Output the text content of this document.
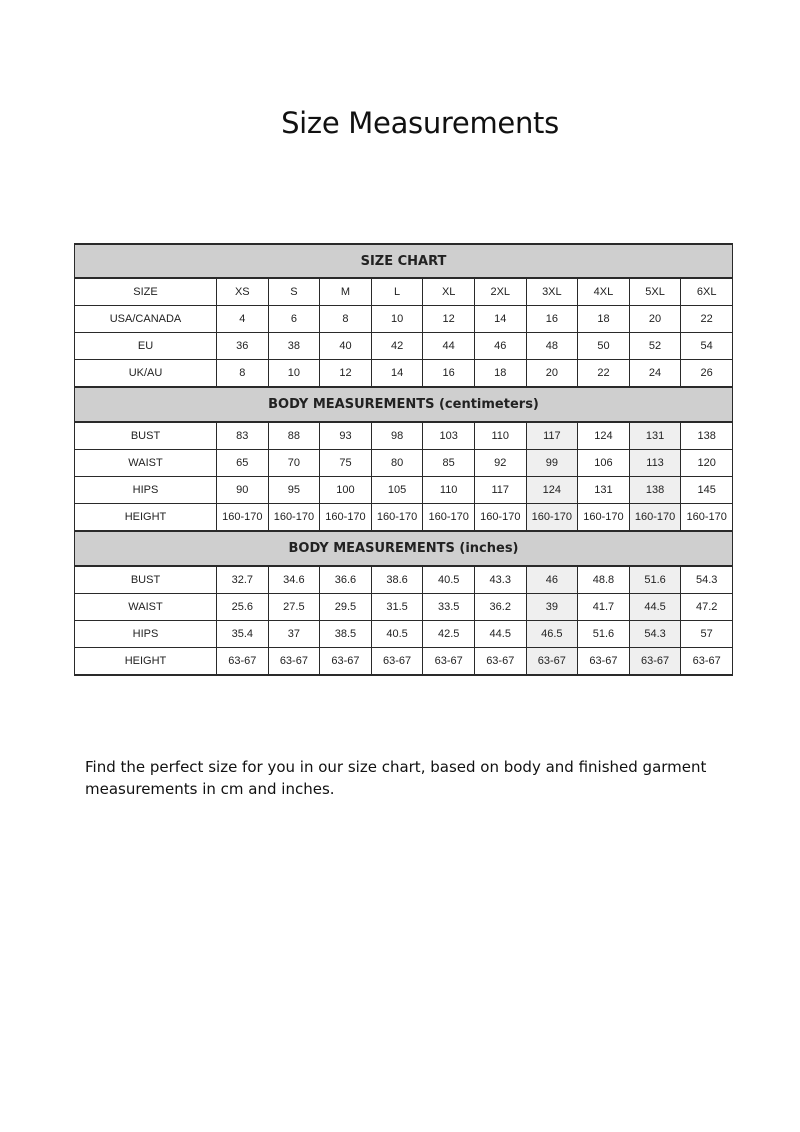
Size Measurements
SIZE CHART										
SIZE	XS	S	M	L	XL	2XL	3XL	4XL	5XL	6XL
USA/CANADA	4	6	8	10	12	14	16	18	20	22
EU	36	38	40	42	44	46	48	50	52	54
UK/AU	8	10	12	14	16	18	20	22	24	26
BODY MEASUREMENTS (centimeters)										
BUST	83	88	93	98	103	110	117	124	131	138
WAIST	65	70	75	80	85	92	99	106	113	120
HIPS	90	95	100	105	110	117	124	131	138	145
HEIGHT	160-170	160-170	160-170	160-170	160-170	160-170	160-170	160-170	160-170	160-170
BODY MEASUREMENTS (inches)										
BUST	32.7	34.6	36.6	38.6	40.5	43.3	46	48.8	51.6	54.3
WAIST	25.6	27.5	29.5	31.5	33.5	36.2	39	41.7	44.5	47.2
HIPS	35.4	37	38.5	40.5	42.5	44.5	46.5	51.6	54.3	57
HEIGHT	63-67	63-67	63-67	63-67	63-67	63-67	63-67	63-67	63-67	63-67
Find the perfect size for you in our size chart, based on body and finished garment measurements in cm and inches.
